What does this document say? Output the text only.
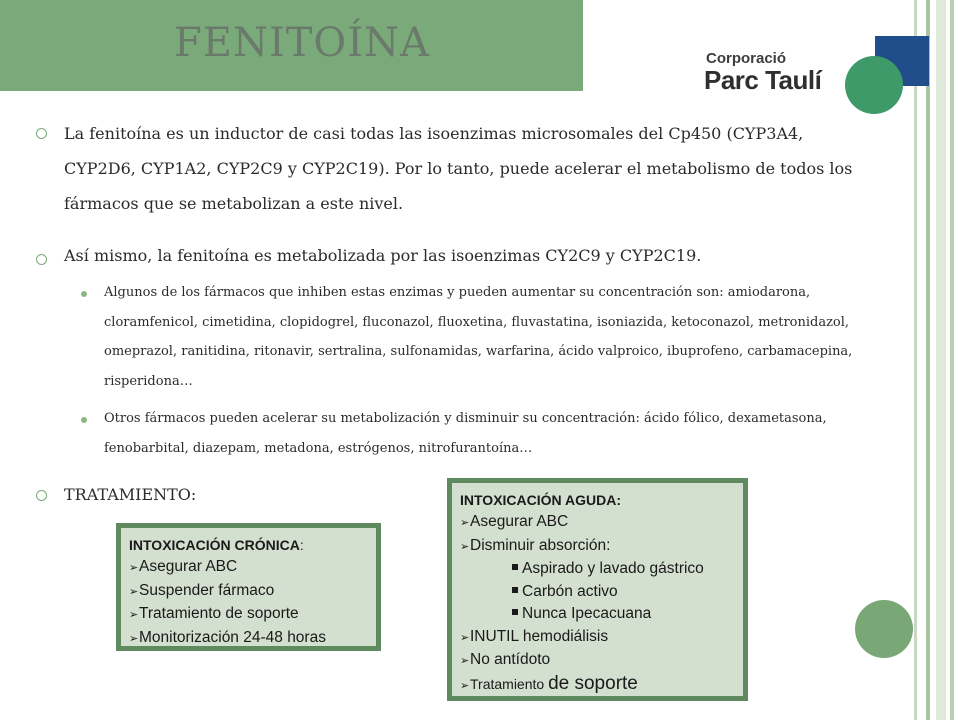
FENITOÍNA	Corporació
Parc Taulí

La fenitoína es un inductor de casi todas las isoenzimas microsomales del Cp450 (CYP3A4, CYP2D6, CYP1A2, CYP2C9 y CYP2C19). Por lo tanto, puede acelerar el metabolismo de todos los fármacos que se metabolizan a este nivel.

Así mismo, la fenitoína es metabolizada por las isoenzimas CY2C9 y CYP2C19.

Algunos de los fármacos que inhiben estas enzimas y pueden aumentar su concentración son: amiodarona, cloramfenicol, cimetidina, clopidogrel, fluconazol, fluoxetina, fluvastatina, isoniazida, ketoconazol, metronidazol, omeprazol, ranitidina, ritonavir, sertralina, sulfonamidas, warfarina, ácido valproico, ibuprofeno, carbamacepina, risperidona…

Otros fármacos pueden acelerar su metabolización y disminuir su concentración: ácido fólico, dexametasona, fenobarbital, diazepam, metadona, estrógenos, nitrofurantoína…

TRATAMIENTO:

INTOXICACIÓN CRÓNICA:
➢Asegurar ABC
➢Suspender fármaco
➢Tratamiento de soporte
➢Monitorización 24-48 horas
INTOXICACIÓN AGUDA:
➢Asegurar ABC
➢Disminuir absorción:
Aspirado y lavado gástrico
Carbón activo
Nunca Ipecacuana
➢INUTIL hemodiálisis
➢No antídoto
➢Tratamiento de soporte
